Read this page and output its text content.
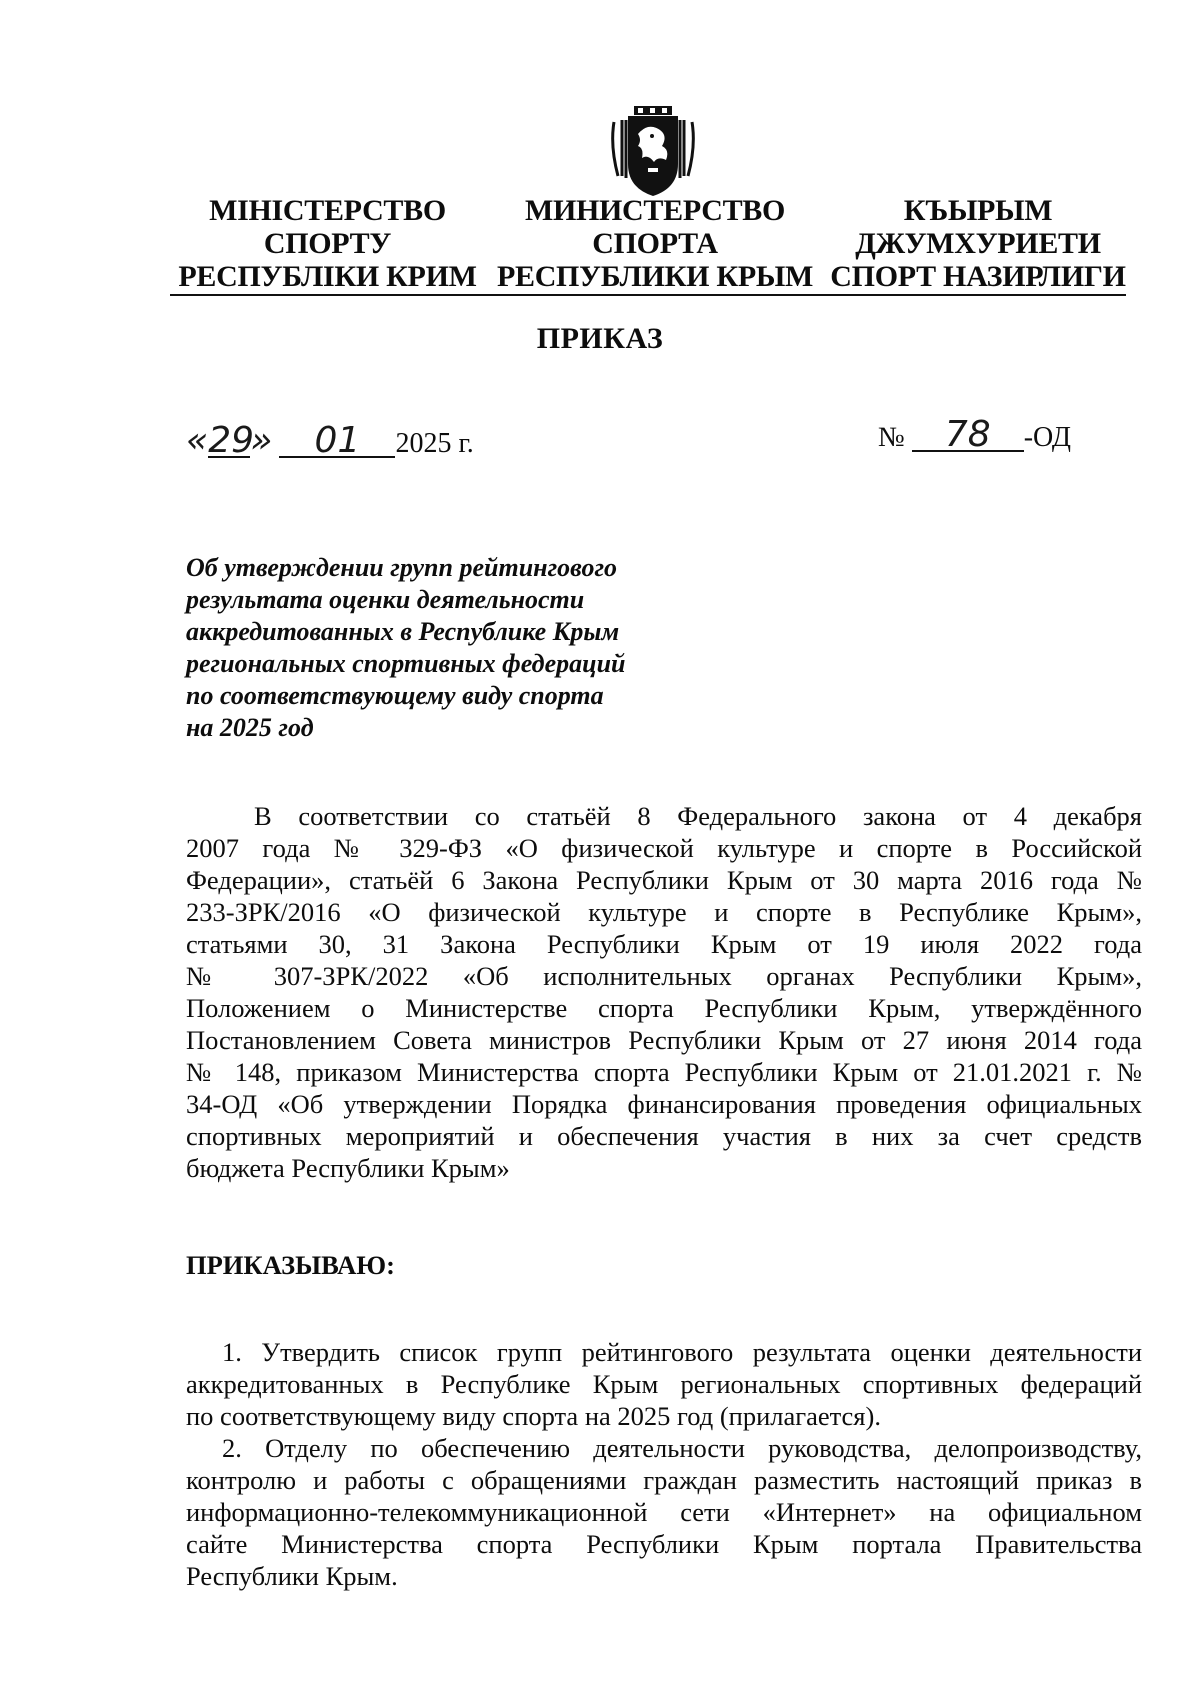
МІНІСТЕРСТВО
СПОРТУ
РЕСПУБЛІКИ КРИМ
МИНИСТЕРСТВО
СПОРТА
РЕСПУБЛИКИ КРЫМ
КЪЫРЫМ
ДЖУМХУРИЕТИ
СПОРТ НАЗИРЛИГИ
ПРИКАЗ
«29» 01 2025 г.	№ 78 -ОД
Об утверждении групп рейтингового
результата оценки деятельности
аккредитованных в Республике Крым
региональных спортивных федераций
по соответствующему виду спорта
на 2025 год
В соответствии со статьёй 8 Федерального закона от 4 декабря
2007 года № 329-ФЗ «О физической культуре и спорте в Российской
Федерации», статьёй 6 Закона Республики Крым от 30 марта 2016 года №
233-ЗРК/2016 «О физической культуре и спорте в Республике Крым»,
статьями 30, 31 Закона Республики Крым от 19 июля 2022 года
№ 307-ЗРК/2022 «Об исполнительных органах Республики Крым»,
Положением о Министерстве спорта Республики Крым, утверждённого
Постановлением Совета министров Республики Крым от 27 июня 2014 года
№ 148, приказом Министерства спорта Республики Крым от 21.01.2021 г. №
34-ОД «Об утверждении Порядка финансирования проведения официальных
спортивных мероприятий и обеспечения участия в них за счет средств
бюджета Республики Крым»
ПРИКАЗЫВАЮ:
1. Утвердить список групп рейтингового результата оценки деятельности
аккредитованных в Республике Крым региональных спортивных федераций
по соответствующему виду спорта на 2025 год (прилагается).
2. Отделу по обеспечению деятельности руководства, делопроизводству,
контролю и работы с обращениями граждан разместить настоящий приказ в
информационно-телекоммуникационной сети «Интернет» на официальном
сайте Министерства спорта Республики Крым портала Правительства
Республики Крым.
